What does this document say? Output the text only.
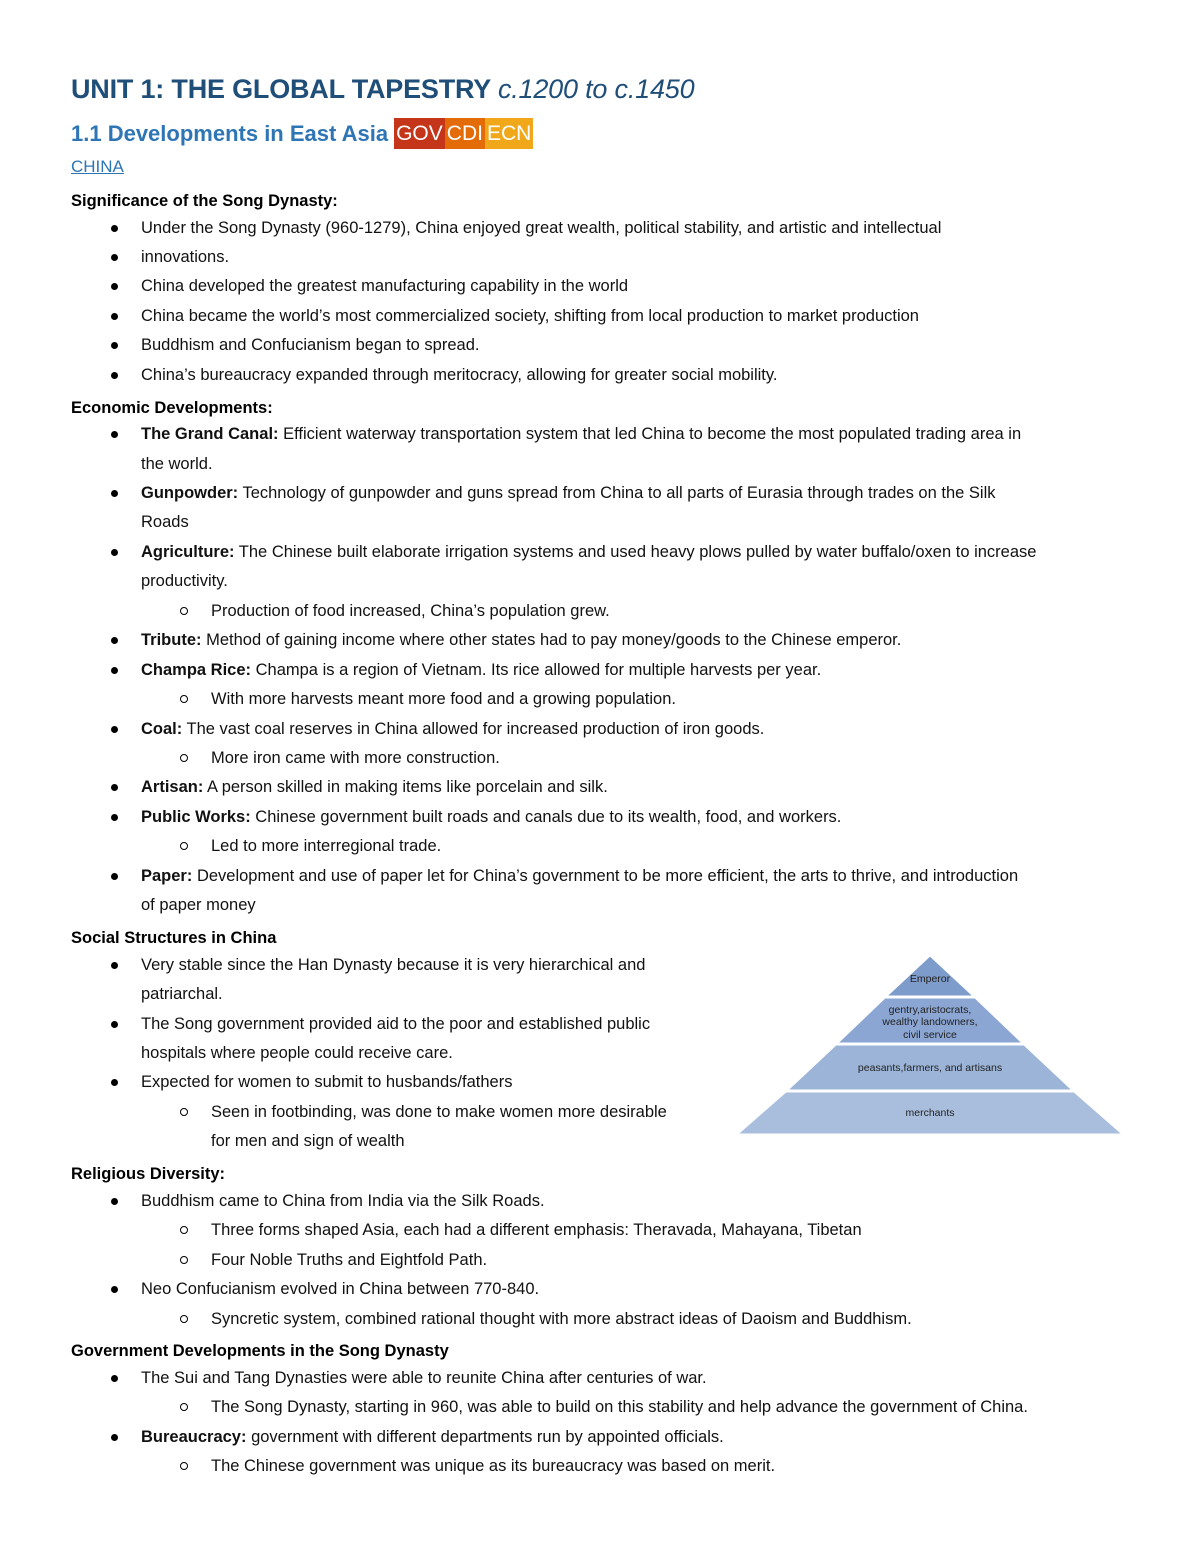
UNIT 1: THE GLOBAL TAPESTRY c.1200 to c.1450
1.1 Developments in East Asia GOV CDI ECN
CHINA
Significance of the Song Dynasty:
Under the Song Dynasty (960-1279), China enjoyed great wealth, political stability, and artistic and intellectual
innovations.
China developed the greatest manufacturing capability in the world
China became the world’s most commercialized society, shifting from local production to market production
Buddhism and Confucianism began to spread.
China’s bureaucracy expanded through meritocracy, allowing for greater social mobility.
Economic Developments:
The Grand Canal: Efficient waterway transportation system that led China to become the most populated trading area in
the world.
Gunpowder: Technology of gunpowder and guns spread from China to all parts of Eurasia through trades on the Silk
Roads
Agriculture: The Chinese built elaborate irrigation systems and used heavy plows pulled by water buffalo/oxen to increase
productivity.
Production of food increased, China’s population grew.
Tribute: Method of gaining income where other states had to pay money/goods to the Chinese emperor.
Champa Rice: Champa is a region of Vietnam. Its rice allowed for multiple harvests per year.
With more harvests meant more food and a growing population.
Coal: The vast coal reserves in China allowed for increased production of iron goods.
More iron came with more construction.
Artisan: A person skilled in making items like porcelain and silk.
Public Works: Chinese government built roads and canals due to its wealth, food, and workers.
Led to more interregional trade.
Paper: Development and use of paper let for China’s government to be more efficient, the arts to thrive, and introduction
of paper money
Social Structures in China
Very stable since the Han Dynasty because it is very hierarchical and
patriarchal.
The Song government provided aid to the poor and established public
hospitals where people could receive care.
Expected for women to submit to husbands/fathers
Seen in footbinding, was done to make women more desirable
for men and sign of wealth
Emperor
gentry,aristocrats,
wealthy landowners,
civil service
peasants,farmers, and artisans
merchants
Religious Diversity:
Buddhism came to China from India via the Silk Roads.
Three forms shaped Asia, each had a different emphasis: Theravada, Mahayana, Tibetan
Four Noble Truths and Eightfold Path.
Neo Confucianism evolved in China between 770-840.
Syncretic system, combined rational thought with more abstract ideas of Daoism and Buddhism.
Government Developments in the Song Dynasty
The Sui and Tang Dynasties were able to reunite China after centuries of war.
The Song Dynasty, starting in 960, was able to build on this stability and help advance the government of China.
Bureaucracy: government with different departments run by appointed officials.
The Chinese government was unique as its bureaucracy was based on merit.
